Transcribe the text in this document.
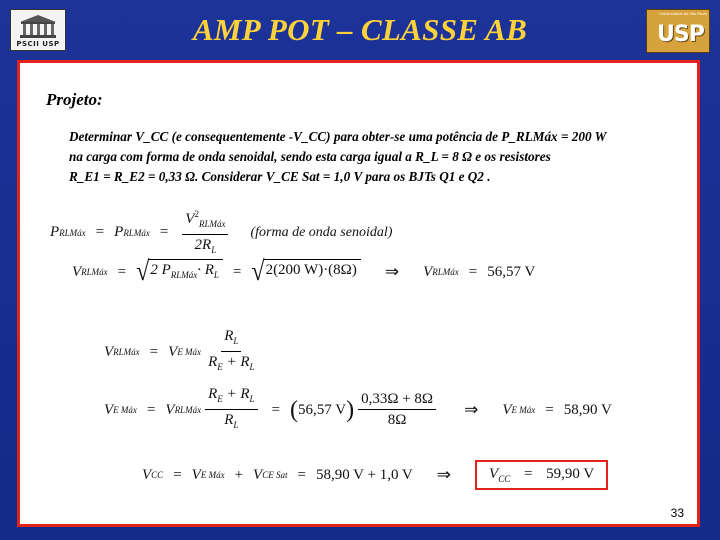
PSCII USP	AMP POT – CLASSE AB	Universidade de São Paulo
USP
Projeto:
Determinar V_CC (e consequentemente -V_CC) para obter-se uma potência de P_RLMáx = 200 W
na carga com forma de onda senoidal, sendo esta carga igual a R_L = 8 Ω e os resistores
R_E1 = R_E2 = 0,33 Ω. Considerar V_CE Sat = 1,0 V para os BJTs Q1 e Q2 .
P RLMáx = P RLMáx = $\frac{V^2_{RLMáx}}{2R_L}$ (forma de onda senoidal)
V RLMáx = √ 2 $P_{RLMáx}\cdot R_L$ = √ 2(200 W)·(8Ω) ⇒ V RLMáx = 56,57 V
V RLMáx = V E Máx $\frac{R_L}{R_E + R_L}$
V E Máx = V RLMáx $\frac{R_E + R_L}{R_L}$ = ( 56,57 V ) $\frac{0,33\Omega + 8\Omega}{8\Omega}$ ⇒ V E Máx = 58,90 V
V CC = V E Máx + V CE Sat = 58,90 V + 1,0 V ⇒	$V_{CC} = 59,90$ V
33
